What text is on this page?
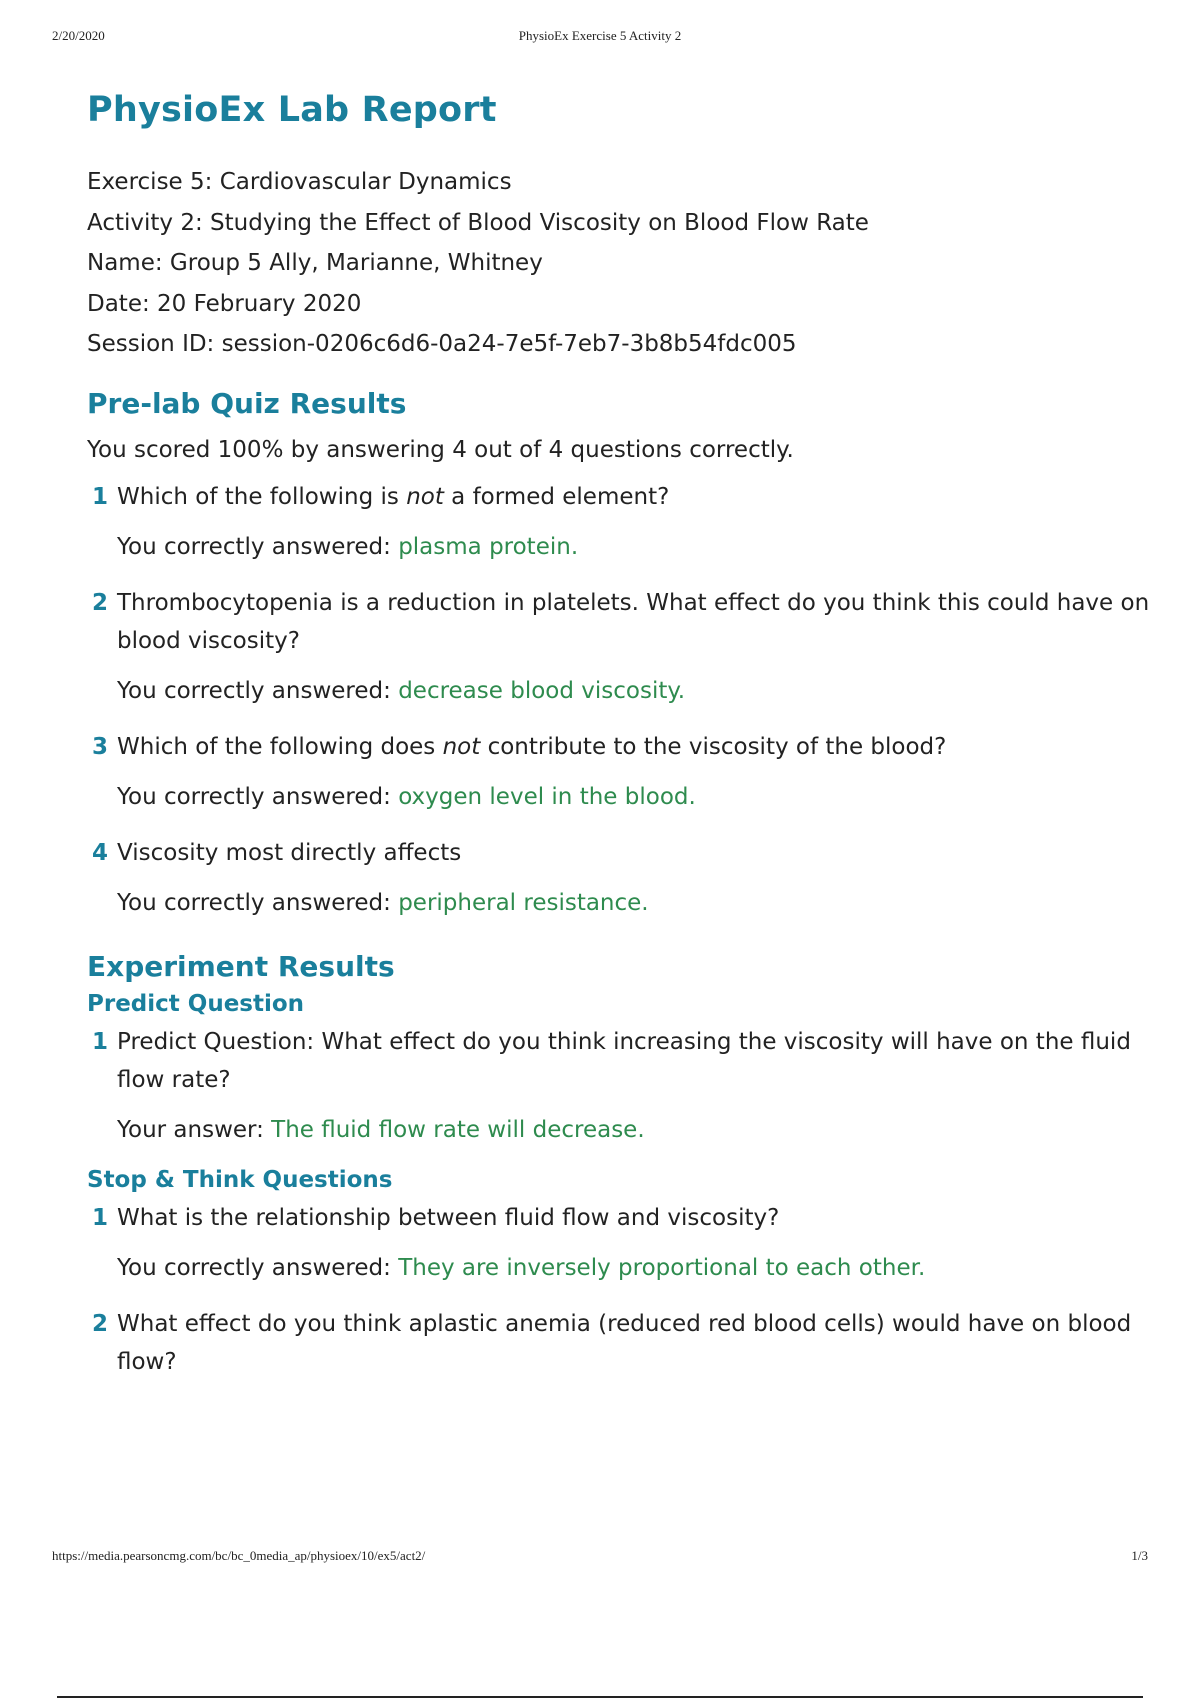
2/20/2020	PhysioEx Exercise 5 Activity 2
PhysioEx Lab Report
Exercise 5: Cardiovascular Dynamics
Activity 2: Studying the Effect of Blood Viscosity on Blood Flow Rate
Name: Group 5 Ally, Marianne, Whitney
Date: 20 February 2020
Session ID: session-0206c6d6-0a24-7e5f-7eb7-3b8b54fdc005
Pre-lab Quiz Results
You scored 100% by answering 4 out of 4 questions correctly.
1 Which of the following is not a formed element?
You correctly answered: plasma protein.
2 Thrombocytopenia is a reduction in platelets. What effect do you think this could have on blood viscosity?
You correctly answered: decrease blood viscosity.
3 Which of the following does not contribute to the viscosity of the blood?
You correctly answered: oxygen level in the blood.
4 Viscosity most directly affects
You correctly answered: peripheral resistance.
Experiment Results
Predict Question
1 Predict Question: What effect do you think increasing the viscosity will have on the fluid flow rate?
Your answer: The fluid flow rate will decrease.
Stop & Think Questions
1 What is the relationship between fluid flow and viscosity?
You correctly answered: They are inversely proportional to each other.
2 What effect do you think aplastic anemia (reduced red blood cells) would have on blood flow?
https://media.pearsoncmg.com/bc/bc_0media_ap/physioex/10/ex5/act2/	1/3
